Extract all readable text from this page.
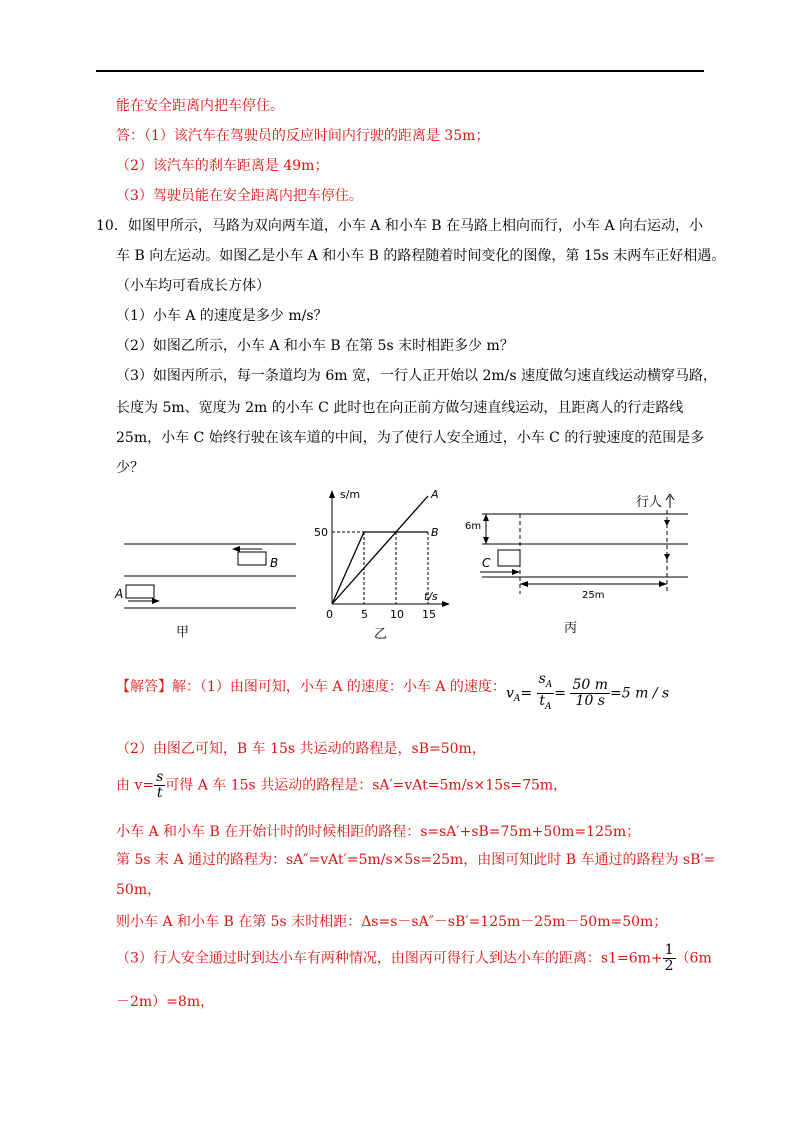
能在安全距离内把车停住。
答：（1）该汽车在驾驶员的反应时间内行驶的距离是 35m；
（2）该汽车的刹车距离是 49m；
（3）驾驶员能在安全距离内把车停住。
10．如图甲所示，马路为双向两车道，小车 A 和小车 B 在马路上相向而行，小车 A 向右运动，小
车 B 向左运动。如图乙是小车 A 和小车 B 的路程随着时间变化的图像，第 15s 末两车正好相遇。
（小车均可看成长方体）
（1）小车 A 的速度是多少 m/s？
（2）如图乙所示，小车 A 和小车 B 在第 5s 末时相距多少 m？
（3）如图丙所示，每一条道均为 6m 宽，一行人正开始以 2m/s 速度做匀速直线运动横穿马路，
长度为 5m、宽度为 2m 的小车 C 此时也在向正前方做匀速直线运动，且距离人的行走路线
25m，小车 C 始终行驶在该车道的中间，为了使行人安全通过，小车 C 的行驶速度的范围是多
少？
B
A
甲
s/m
t/s
0	5 10 15
50
A
B
乙
行人
6m
C
25m
丙
【解答】解：（1）由图可知，小车 A 的速度：小车 A 的速度： $v_A= \frac{s_A}{t_A} = \frac{50 m}{10 s} =5$ m / s
（2）由图乙可知，B 车 15s 共运动的路程是，sB=50m，
由 $v= \frac{s}{t}$ 可得 A 车 15s 共运动的路程是：sA′=vAt=5m/s×15s=75m，
小车 A 和小车 B 在开始计时的时候相距的路程：s=sA′+sB=75m+50m=125m；
第 5s 末 A 通过的路程为：sA″=vAt′=5m/s×5s=25m，由图可知此时 B 车通过的路程为 sB′=
50m，
则小车 A 和小车 B 在第 5s 末时相距：Δs=s－sA″－sB′=125m－25m－50m=50m；
（3）行人安全通过时到达小车有两种情况，由图丙可得行人到达小车的距离：$s1=6m+ \frac{1}{2} (6m$
－2m）=8m，
